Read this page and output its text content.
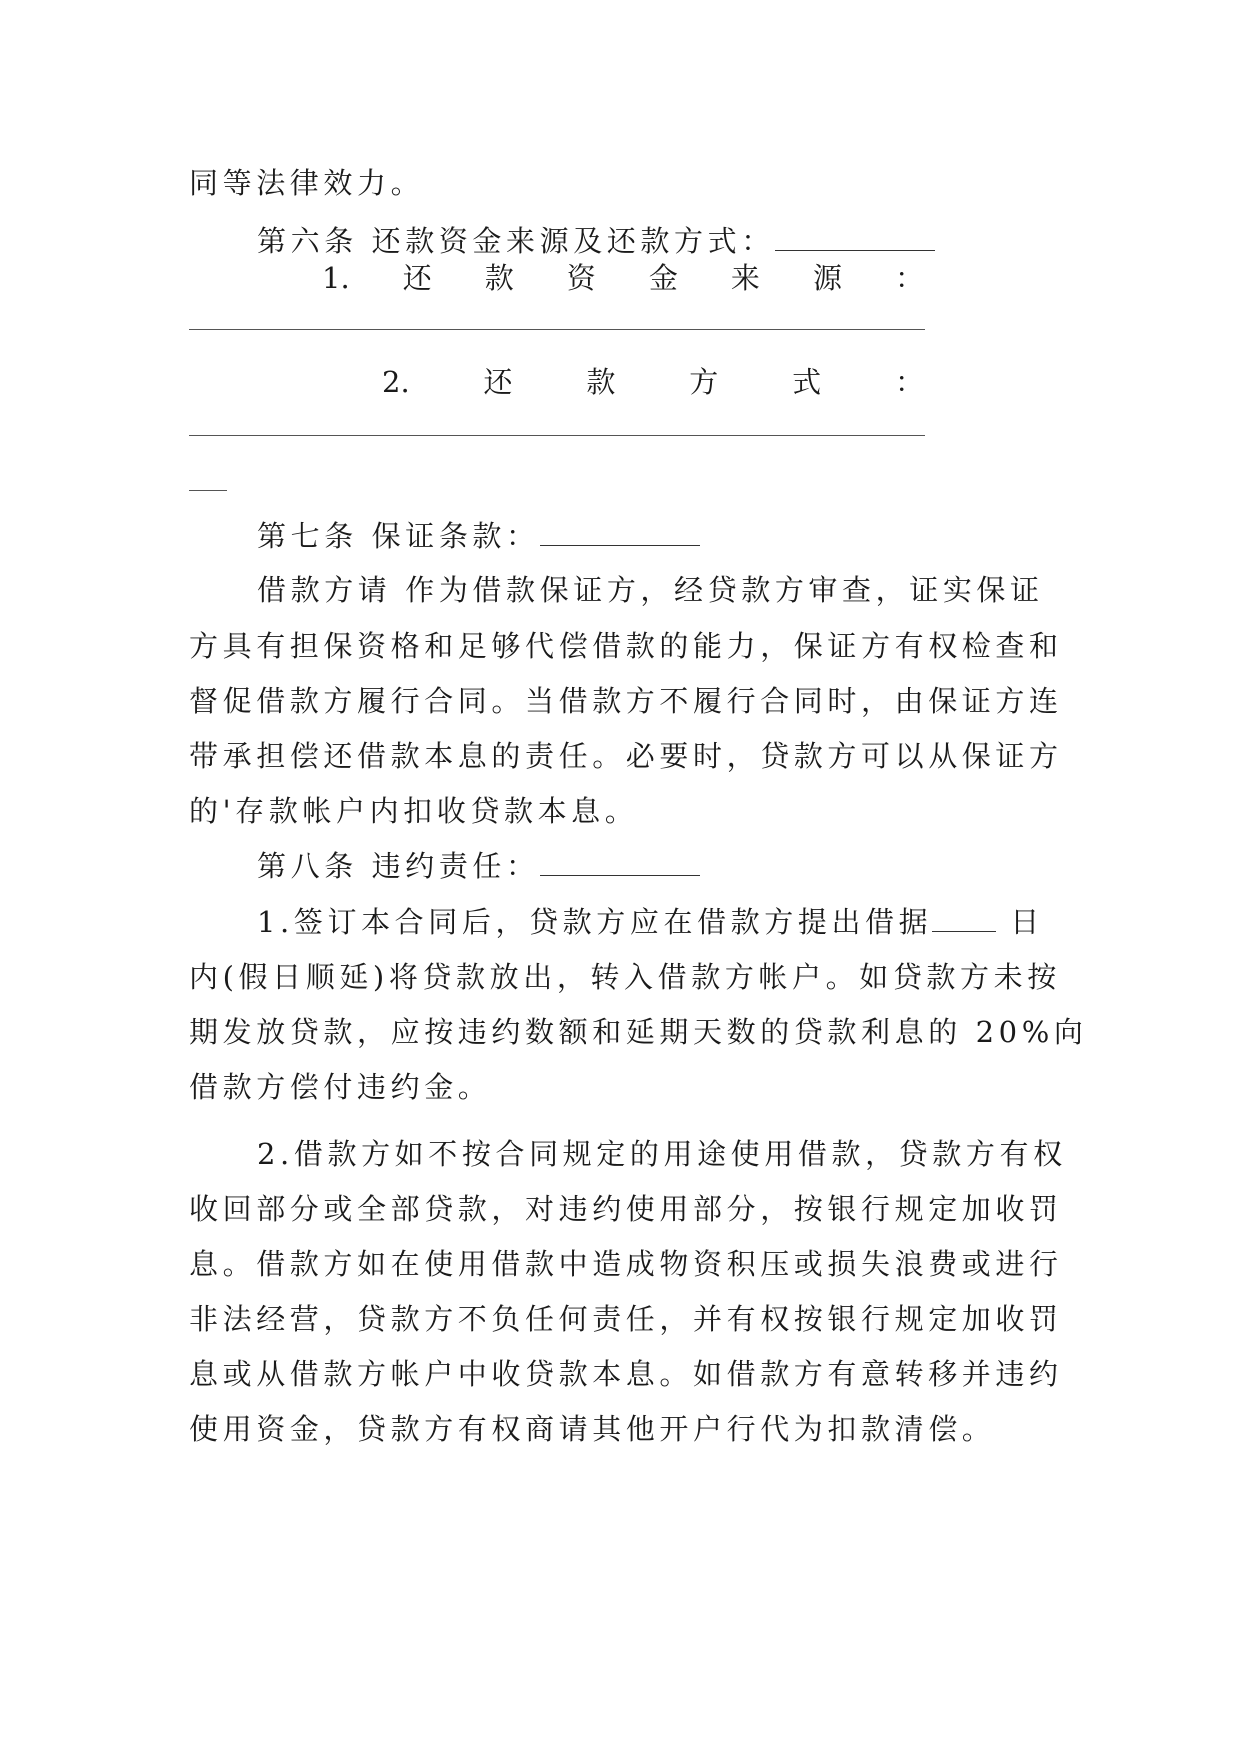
同等法律效力。
第六条 还款资金来源及还款方式：
1. 还 款 资 金 来 源 ：
2.	还	款	方	式	：
第七条 保证条款：
借款方请 作为借款保证方，经贷款方审查，证实保证
方具有担保资格和足够代偿借款的能力，保证方有权检查和
督促借款方履行合同。当借款方不履行合同时，由保证方连
带承担偿还借款本息的责任。必要时，贷款方可以从保证方
的'存款帐户内扣收贷款本息。
第八条 违约责任：
1.签订本合同后，贷款方应在借款方提出借据	日
内(假日顺延)将贷款放出，转入借款方帐户。如贷款方未按
期发放贷款，应按违约数额和延期天数的贷款利息的 20%向
借款方偿付违约金。
2.借款方如不按合同规定的用途使用借款，贷款方有权
收回部分或全部贷款，对违约使用部分，按银行规定加收罚
息。借款方如在使用借款中造成物资积压或损失浪费或进行
非法经营，贷款方不负任何责任，并有权按银行规定加收罚
息或从借款方帐户中收贷款本息。如借款方有意转移并违约
使用资金，贷款方有权商请其他开户行代为扣款清偿。
